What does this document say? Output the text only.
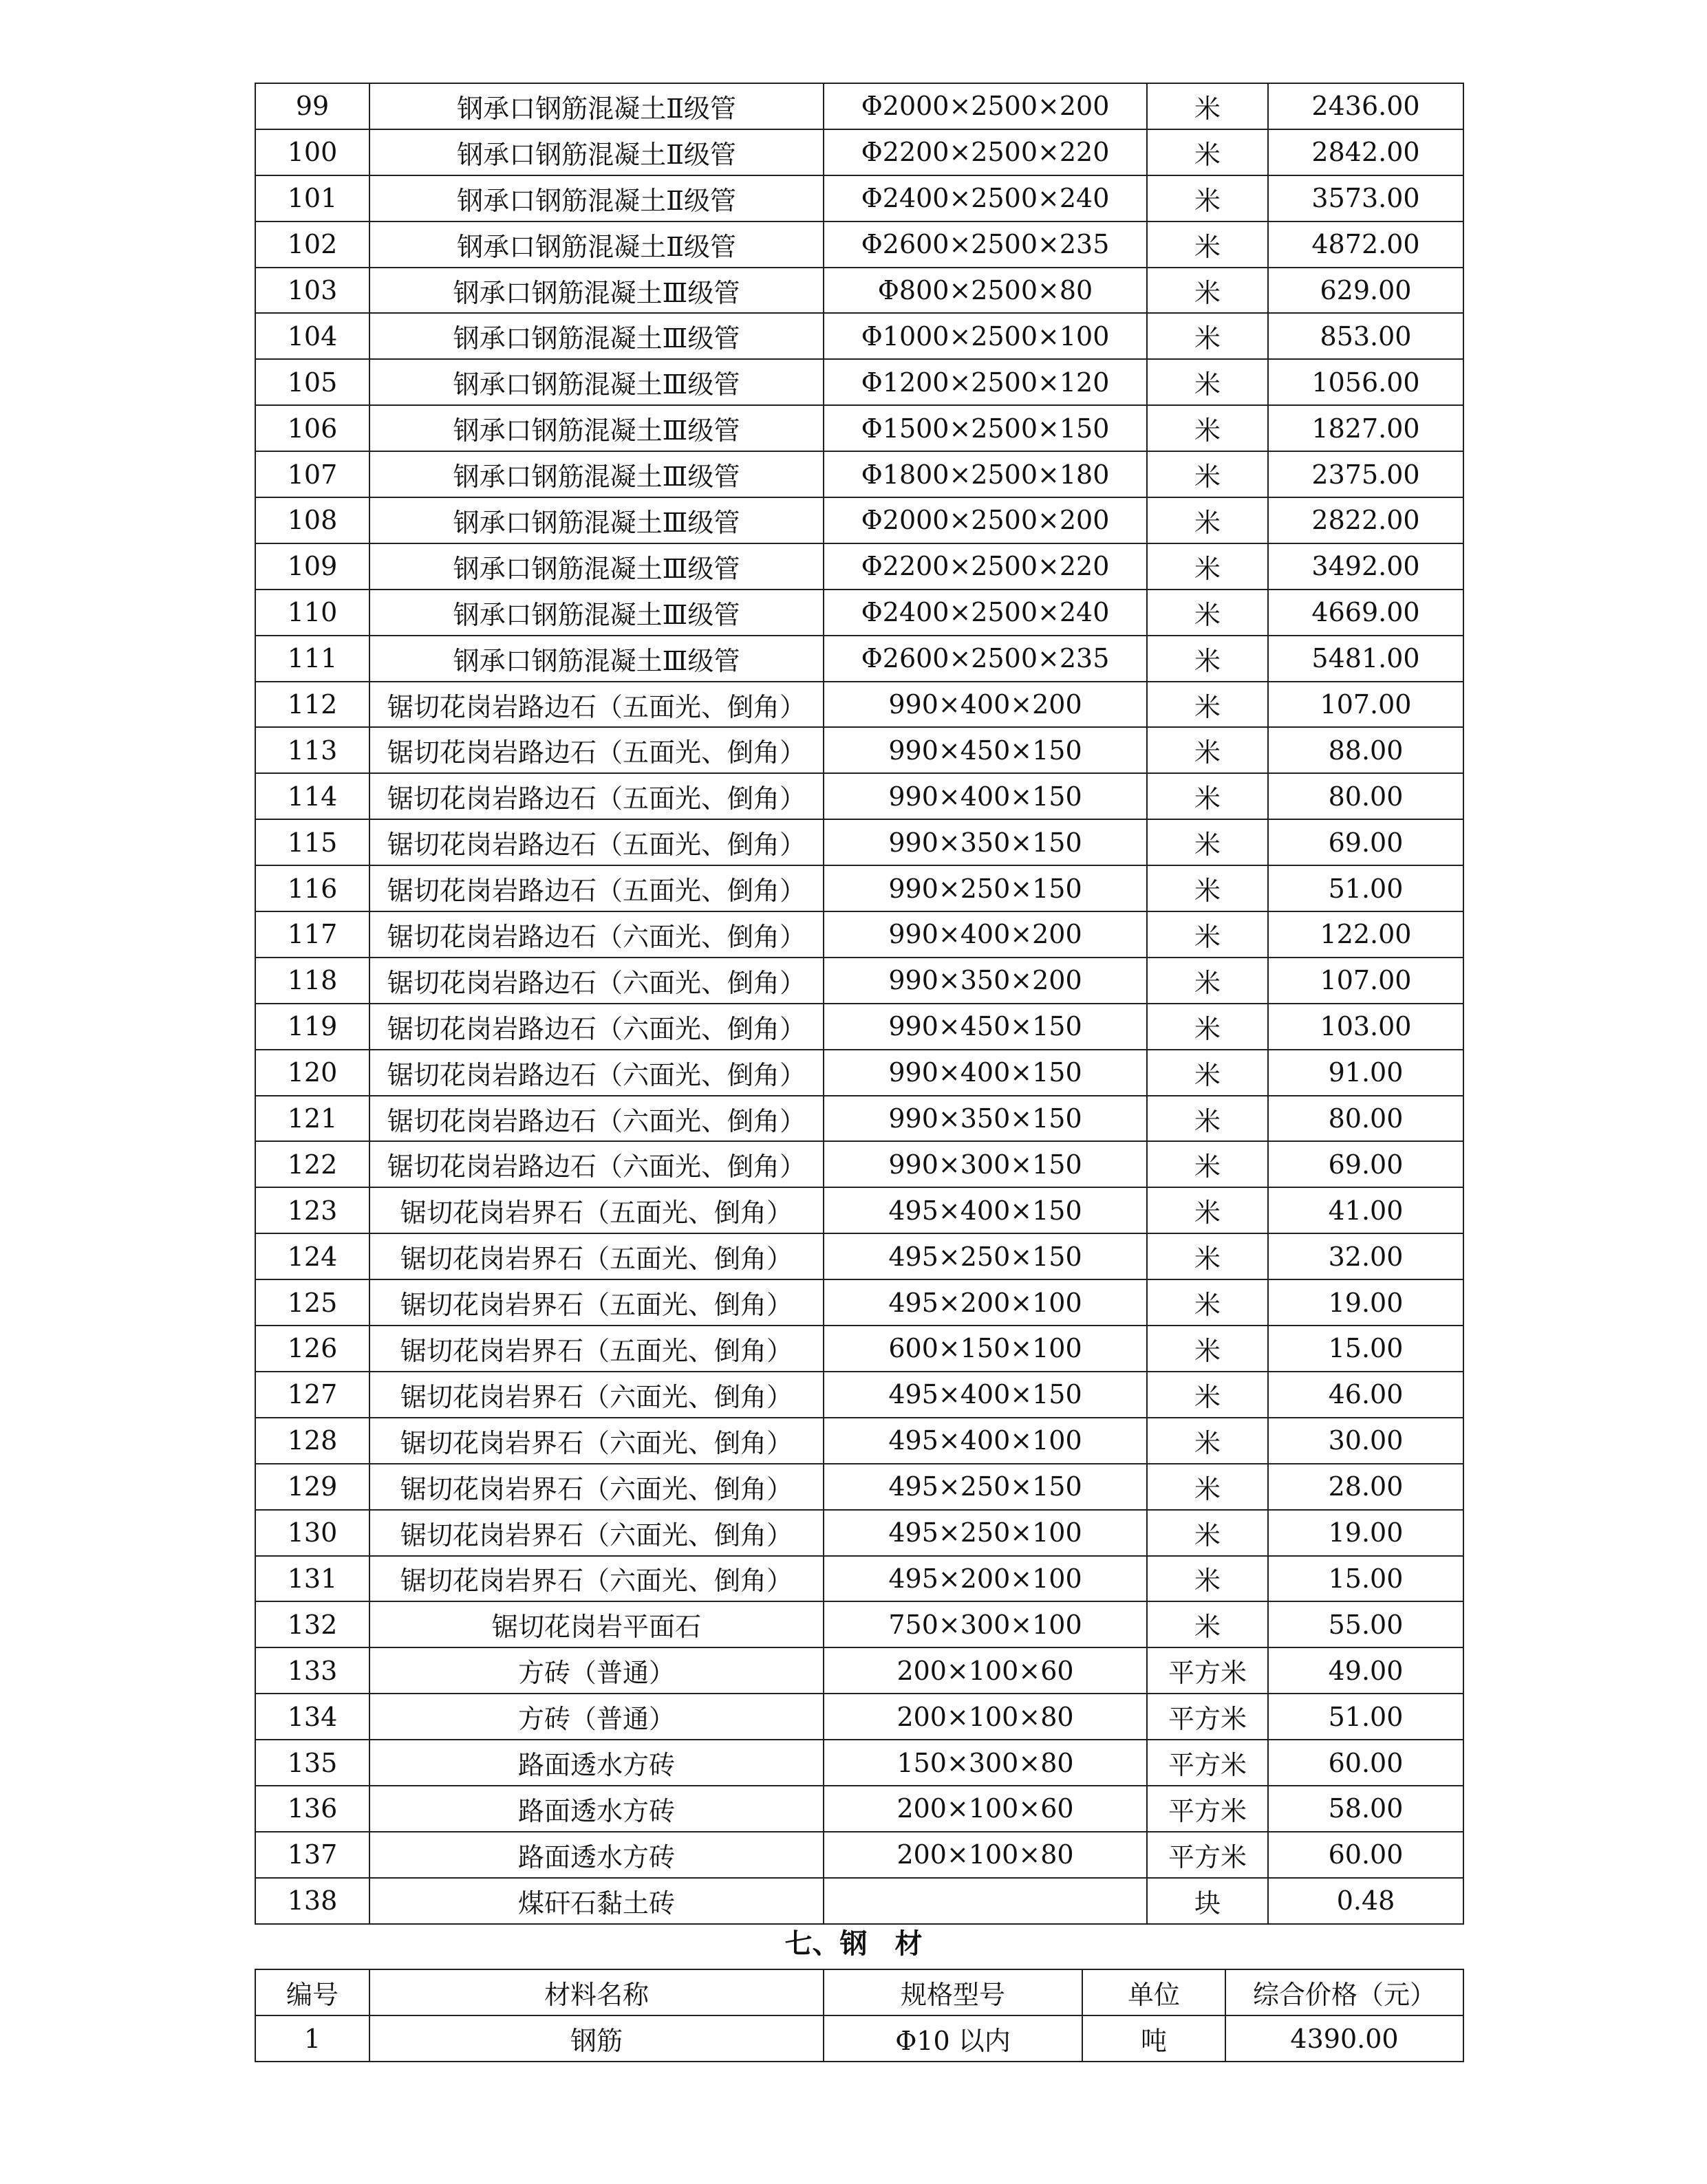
99	钢承口钢筋混凝土Ⅱ级管	Φ2000×2500×200	米	2436.00
100	钢承口钢筋混凝土Ⅱ级管	Φ2200×2500×220	米	2842.00
101	钢承口钢筋混凝土Ⅱ级管	Φ2400×2500×240	米	3573.00
102	钢承口钢筋混凝土Ⅱ级管	Φ2600×2500×235	米	4872.00
103	钢承口钢筋混凝土Ⅲ级管	Φ800×2500×80	米	629.00
104	钢承口钢筋混凝土Ⅲ级管	Φ1000×2500×100	米	853.00
105	钢承口钢筋混凝土Ⅲ级管	Φ1200×2500×120	米	1056.00
106	钢承口钢筋混凝土Ⅲ级管	Φ1500×2500×150	米	1827.00
107	钢承口钢筋混凝土Ⅲ级管	Φ1800×2500×180	米	2375.00
108	钢承口钢筋混凝土Ⅲ级管	Φ2000×2500×200	米	2822.00
109	钢承口钢筋混凝土Ⅲ级管	Φ2200×2500×220	米	3492.00
110	钢承口钢筋混凝土Ⅲ级管	Φ2400×2500×240	米	4669.00
111	钢承口钢筋混凝土Ⅲ级管	Φ2600×2500×235	米	5481.00
112	锯切花岗岩路边石（五面光、倒角）	990×400×200	米	107.00
113	锯切花岗岩路边石（五面光、倒角）	990×450×150	米	88.00
114	锯切花岗岩路边石（五面光、倒角）	990×400×150	米	80.00
115	锯切花岗岩路边石（五面光、倒角）	990×350×150	米	69.00
116	锯切花岗岩路边石（五面光、倒角）	990×250×150	米	51.00
117	锯切花岗岩路边石（六面光、倒角）	990×400×200	米	122.00
118	锯切花岗岩路边石（六面光、倒角）	990×350×200	米	107.00
119	锯切花岗岩路边石（六面光、倒角）	990×450×150	米	103.00
120	锯切花岗岩路边石（六面光、倒角）	990×400×150	米	91.00
121	锯切花岗岩路边石（六面光、倒角）	990×350×150	米	80.00
122	锯切花岗岩路边石（六面光、倒角）	990×300×150	米	69.00
123	锯切花岗岩界石（五面光、倒角）	495×400×150	米	41.00
124	锯切花岗岩界石（五面光、倒角）	495×250×150	米	32.00
125	锯切花岗岩界石（五面光、倒角）	495×200×100	米	19.00
126	锯切花岗岩界石（五面光、倒角）	600×150×100	米	15.00
127	锯切花岗岩界石（六面光、倒角）	495×400×150	米	46.00
128	锯切花岗岩界石（六面光、倒角）	495×400×100	米	30.00
129	锯切花岗岩界石（六面光、倒角）	495×250×150	米	28.00
130	锯切花岗岩界石（六面光、倒角）	495×250×100	米	19.00
131	锯切花岗岩界石（六面光、倒角）	495×200×100	米	15.00
132	锯切花岗岩平面石	750×300×100	米	55.00
133	方砖（普通）	200×100×60	平方米	49.00
134	方砖（普通）	200×100×80	平方米	51.00
135	路面透水方砖	150×300×80	平方米	60.00
136	路面透水方砖	200×100×60	平方米	58.00
137	路面透水方砖	200×100×80	平方米	60.00
138	煤矸石黏土砖		块	0.48
七、钢　材
编号	材料名称	规格型号	单位	综合价格（元）
1	钢筋	Φ10 以内	吨	4390.00
